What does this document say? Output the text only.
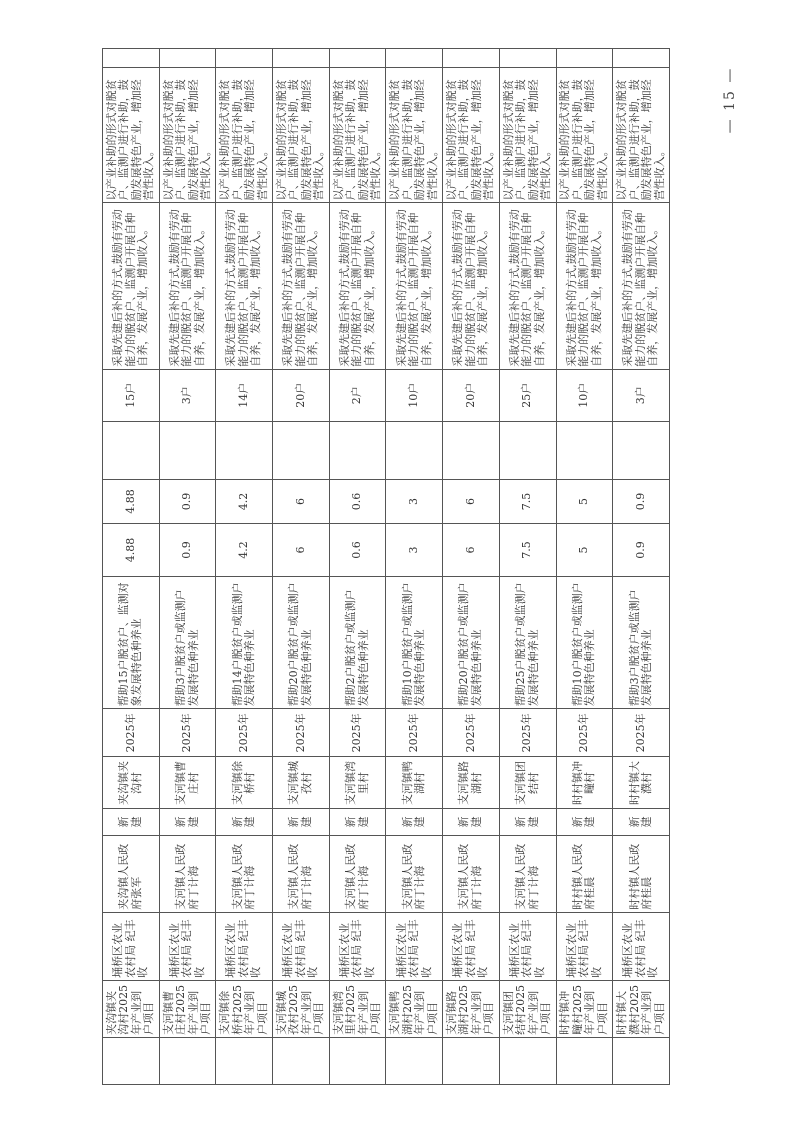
	夹沟镇夹沟村2025年产业到户项目	埇桥区农业农村局 纪丰收	夹沟镇人民政府张军	新建	夹沟镇夹沟村	2025年	帮助15户脱贫户、监测对象发展特色种养业	4.88	4.88		15户	采取先建后补的方式,鼓励有劳动能力的脱贫户、监测户开展自种自养，发展产业，增加收入。	以产业补助的形式对脱贫户、监测户进行补助，鼓励发展特色产业，增加经营性收入。	
	支河镇曹庄村2025年产业到户项目	埇桥区农业农村局 纪丰收	支河镇人民政府丁计海	新建	支河镇曹庄村	2025年	帮助3户脱贫户或监测户发展特色种养业	0.9	0.9		3户	采取先建后补的方式,鼓励有劳动能力的脱贫户、监测户开展自种自养，发展产业，增加收入。	以产业补助的形式对脱贫户、监测户进行补助，鼓励发展特色产业，增加经营性收入。	
	支河镇徐桥村2025年产业到户项目	埇桥区农业农村局 纪丰收	支河镇人民政府丁计海	新建	支河镇徐桥村	2025年	帮助14户脱贫户或监测户发展特色种养业	4.2	4.2		14户	采取先建后补的方式,鼓励有劳动能力的脱贫户、监测户开展自种自养，发展产业，增加收入。	以产业补助的形式对脱贫户、监测户进行补助，鼓励发展特色产业，增加经营性收入。	
	支河镇城孜村2025年产业到户项目	埇桥区农业农村局 纪丰收	支河镇人民政府丁计海	新建	支河镇城孜村	2025年	帮助20户脱贫户或监测户发展特色种养业	6	6		20户	采取先建后补的方式,鼓励有劳动能力的脱贫户、监测户开展自种自养，发展产业，增加收入。	以产业补助的形式对脱贫户、监测户进行补助，鼓励发展特色产业，增加经营性收入。	
	支河镇湾里村2025年产业到户项目	埇桥区农业农村局 纪丰收	支河镇人民政府丁计海	新建	支河镇湾里村	2025年	帮助2户脱贫户或监测户发展特色种养业	0.6	0.6		2户	采取先建后补的方式,鼓励有劳动能力的脱贫户、监测户开展自种自养，发展产业，增加收入。	以产业补助的形式对脱贫户、监测户进行补助，鼓励发展特色产业，增加经营性收入。	
	支河镇鸭湖村2025年产业到户项目	埇桥区农业农村局 纪丰收	支河镇人民政府丁计海	新建	支河镇鸭湖村	2025年	帮助10户脱贫户或监测户发展特色种养业	3	3		10户	采取先建后补的方式,鼓励有劳动能力的脱贫户、监测户开展自种自养，发展产业，增加收入。	以产业补助的形式对脱贫户、监测户进行补助，鼓励发展特色产业，增加经营性收入。	
	支河镇路湖村2025年产业到户项目	埇桥区农业农村局 纪丰收	支河镇人民政府丁计海	新建	支河镇路湖村	2025年	帮助20户脱贫户或监测户发展特色种养业	6	6		20户	采取先建后补的方式,鼓励有劳动能力的脱贫户、监测户开展自种自养，发展产业，增加收入。	以产业补助的形式对脱贫户、监测户进行补助，鼓励发展特色产业，增加经营性收入。	
	支河镇团结村2025年产业到户项目	埇桥区农业农村局 纪丰收	支河镇人民政府丁计海	新建	支河镇团结村	2025年	帮助25户脱贫户或监测户发展特色种养业	7.5	7.5		25户	采取先建后补的方式,鼓励有劳动能力的脱贫户、监测户开展自种自养，发展产业，增加收入。	以产业补助的形式对脱贫户、监测户进行补助，鼓励发展特色产业，增加经营性收入。	
	时村镇冲疃村2025年产业到户项目	埇桥区农业农村局 纪丰收	时村镇人民政府桂晨	新建	时村镇冲疃村	2025年	帮助10户脱贫户或监测户发展特色种养业	5	5		10户	采取先建后补的方式,鼓励有劳动能力的脱贫户、监测户开展自种自养，发展产业，增加收入。	以产业补助的形式对脱贫户、监测户进行补助，鼓励发展特色产业，增加经营性收入。	
	时村镇大濮村2025年产业到户项目	埇桥区农业农村局 纪丰收	时村镇人民政府桂晨	新建	时村镇大濮村	2025年	帮助3户脱贫户或监测户发展特色种养业	0.9	0.9		3户	采取先建后补的方式,鼓励有劳动能力的脱贫户、监测户开展自种自养，发展产业，增加收入。	以产业补助的形式对脱贫户、监测户进行补助，鼓励发展特色产业，增加经营性收入。	
— 15 —
